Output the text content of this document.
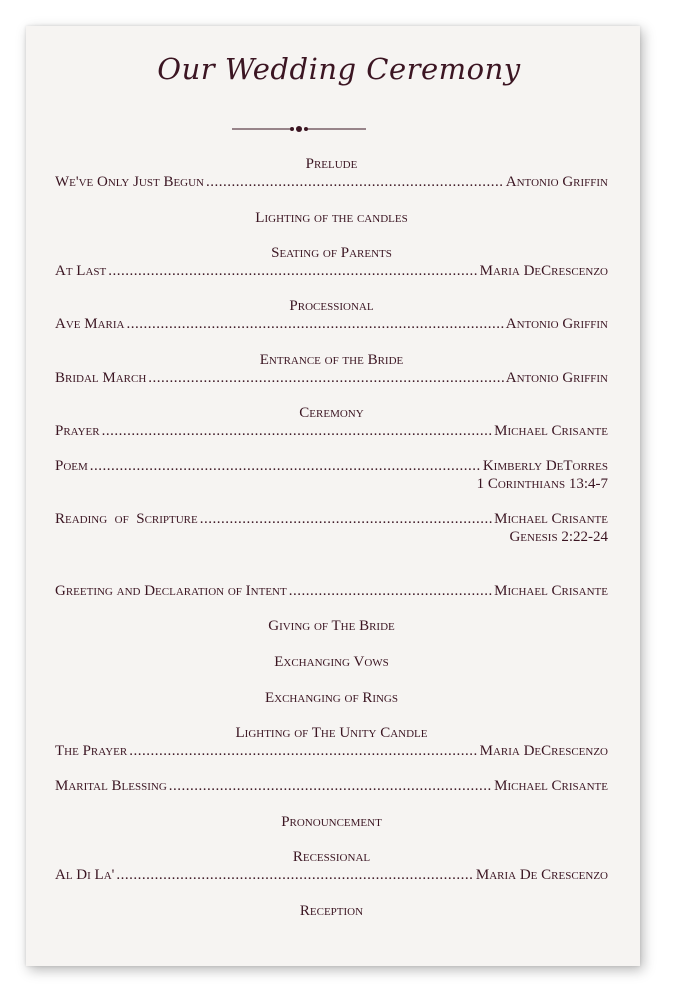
Our Wedding Ceremony
Prelude
We've Only Just Begun .....	Antonio Griffin
Lighting of the candles
Seating of Parents
At Last .....	Maria DeCrescenzo
Processional
Ave Maria .....	Antonio Griffin
Entrance of the Bride
Bridal March .....	Antonio Griffin
Ceremony
Prayer .....	Michael Crisante
Poem .....	Kimberly DeTorres
1 Corinthians 13:4-7
Reading  of  Scripture .....	Michael Crisante
Genesis 2:22-24
Greeting and Declaration of Intent .....	Michael Crisante
Giving of The Bride
Exchanging Vows
Exchanging of Rings
Lighting of The Unity Candle
The Prayer .....	Maria DeCrescenzo
Marital Blessing .....	Michael Crisante
Pronouncement
Recessional
Al Di La' .....	Maria De Crescenzo
Reception
